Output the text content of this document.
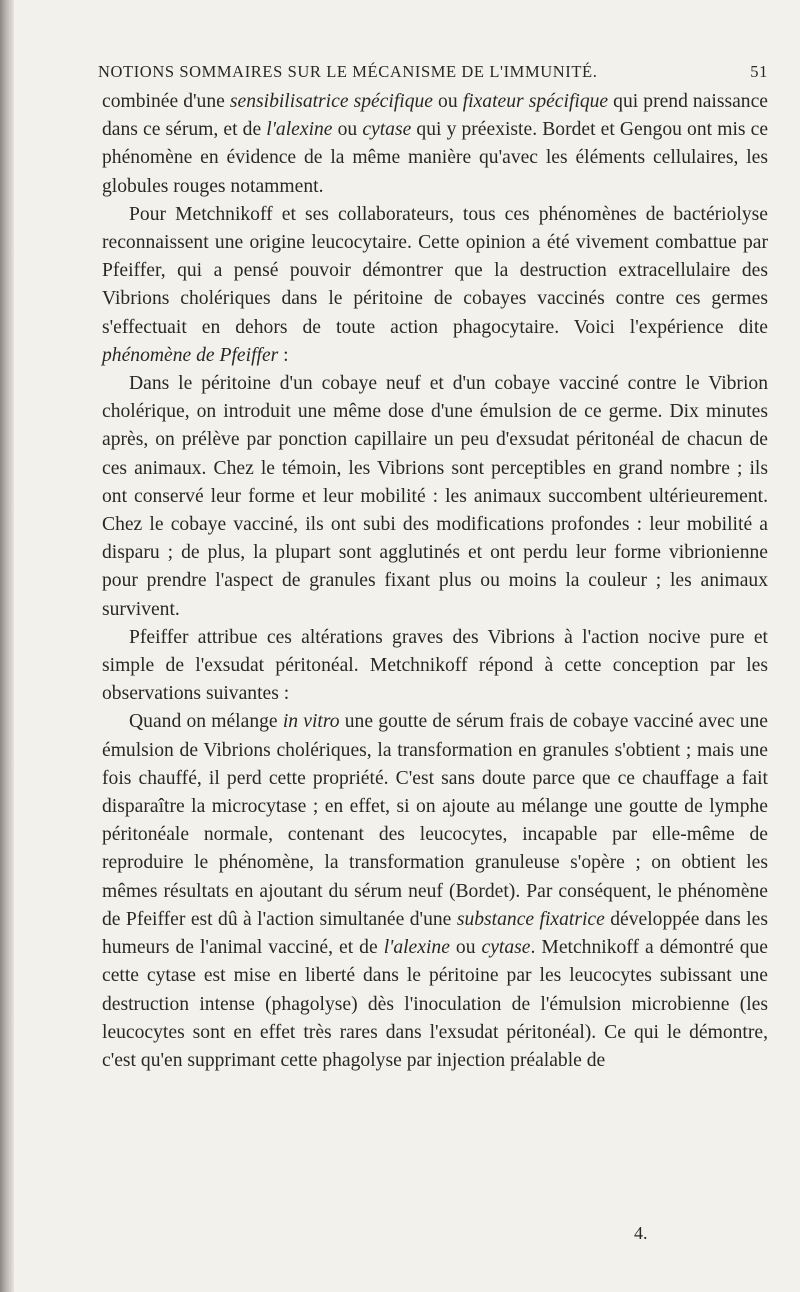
NOTIONS SOMMAIRES SUR LE MÉCANISME DE L'IMMUNITÉ.	51

combinée d'une sensibilisatrice spécifique ou fixateur spécifique qui prend naissance dans ce sérum, et de l'alexine ou cytase qui y préexiste. Bordet et Gengou ont mis ce phénomène en évidence de la même manière qu'avec les éléments cellulaires, les globules rouges notamment.

Pour Metchnikoff et ses collaborateurs, tous ces phénomènes de bactériolyse reconnaissent une origine leucocytaire. Cette opinion a été vivement combattue par Pfeiffer, qui a pensé pouvoir démontrer que la destruction extracellulaire des Vibrions cholériques dans le péritoine de cobayes vaccinés contre ces germes s'effectuait en dehors de toute action phagocytaire. Voici l'expérience dite phénomène de Pfeiffer :

Dans le péritoine d'un cobaye neuf et d'un cobaye vacciné contre le Vibrion cholérique, on introduit une même dose d'une émulsion de ce germe. Dix minutes après, on prélève par ponction capillaire un peu d'exsudat péritonéal de chacun de ces animaux. Chez le témoin, les Vibrions sont perceptibles en grand nombre ; ils ont conservé leur forme et leur mobilité : les animaux succombent ultérieurement. Chez le cobaye vacciné, ils ont subi des modifications profondes : leur mobilité a disparu ; de plus, la plupart sont agglutinés et ont perdu leur forme vibrionienne pour prendre l'aspect de granules fixant plus ou moins la couleur ; les animaux survivent.

Pfeiffer attribue ces altérations graves des Vibrions à l'action nocive pure et simple de l'exsudat péritonéal. Metchnikoff répond à cette conception par les observations suivantes :

Quand on mélange in vitro une goutte de sérum frais de cobaye vacciné avec une émulsion de Vibrions cholériques, la transformation en granules s'obtient ; mais une fois chauffé, il perd cette propriété. C'est sans doute parce que ce chauffage a fait disparaître la microcytase ; en effet, si on ajoute au mélange une goutte de lymphe péritonéale normale, contenant des leucocytes, incapable par elle-même de reproduire le phénomène, la transformation granuleuse s'opère ; on obtient les mêmes résultats en ajoutant du sérum neuf (Bordet). Par conséquent, le phénomène de Pfeiffer est dû à l'action simultanée d'une substance fixatrice développée dans les humeurs de l'animal vacciné, et de l'alexine ou cytase. Metchnikoff a démontré que cette cytase est mise en liberté dans le péritoine par les leucocytes subissant une destruction intense (phagolyse) dès l'inoculation de l'émulsion microbienne (les leucocytes sont en effet très rares dans l'exsudat péritonéal). Ce qui le démontre, c'est qu'en supprimant cette phagolyse par injection préalable de

4.
